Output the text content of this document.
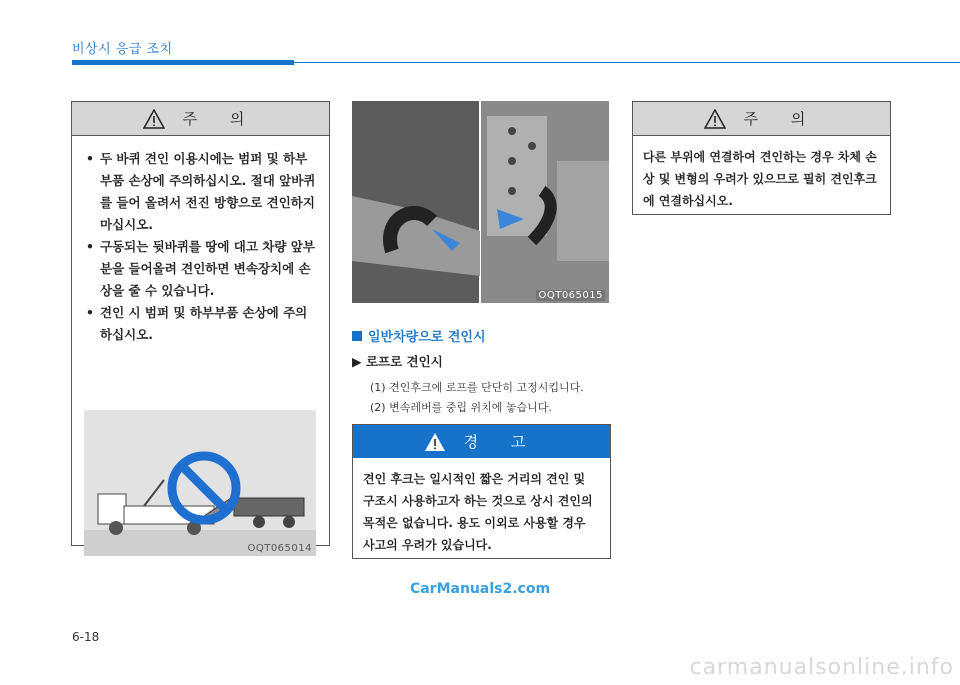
비상시 응급 조치
주 의
• 두 바퀴 견인 이용시에는 범퍼 및 하부 부품 손상에 주의하십시오. 절대 앞바퀴를 들어 올려서 전진 방향으로 견인하지 마십시오.
• 구동되는 뒷바퀴를 땅에 대고 차량 앞부분을 들어올려 견인하면 변속장치에 손상을 줄 수 있습니다.
• 견인 시 범퍼 및 하부부품 손상에 주의하십시오.
OQT065014
OQT065015
일반차량으로 견인시
▶ 로프로 견인시
(1) 견인후크에 로프를 단단히 고정시킵니다.
(2) 변속레버를 중립 위치에 놓습니다.
경 고
견인 후크는 일시적인 짧은 거리의 견인 및 구조시 사용하고자 하는 것으로 상시 견인의 목적은 없습니다. 용도 이외로 사용할 경우 사고의 우려가 있습니다.
주 의
다른 부위에 연결하여 견인하는 경우 차체 손상 및 변형의 우려가 있으므로 필히 견인후크에 연결하십시오.
CarManuals2.com
6-18
carmanualsonline.info
